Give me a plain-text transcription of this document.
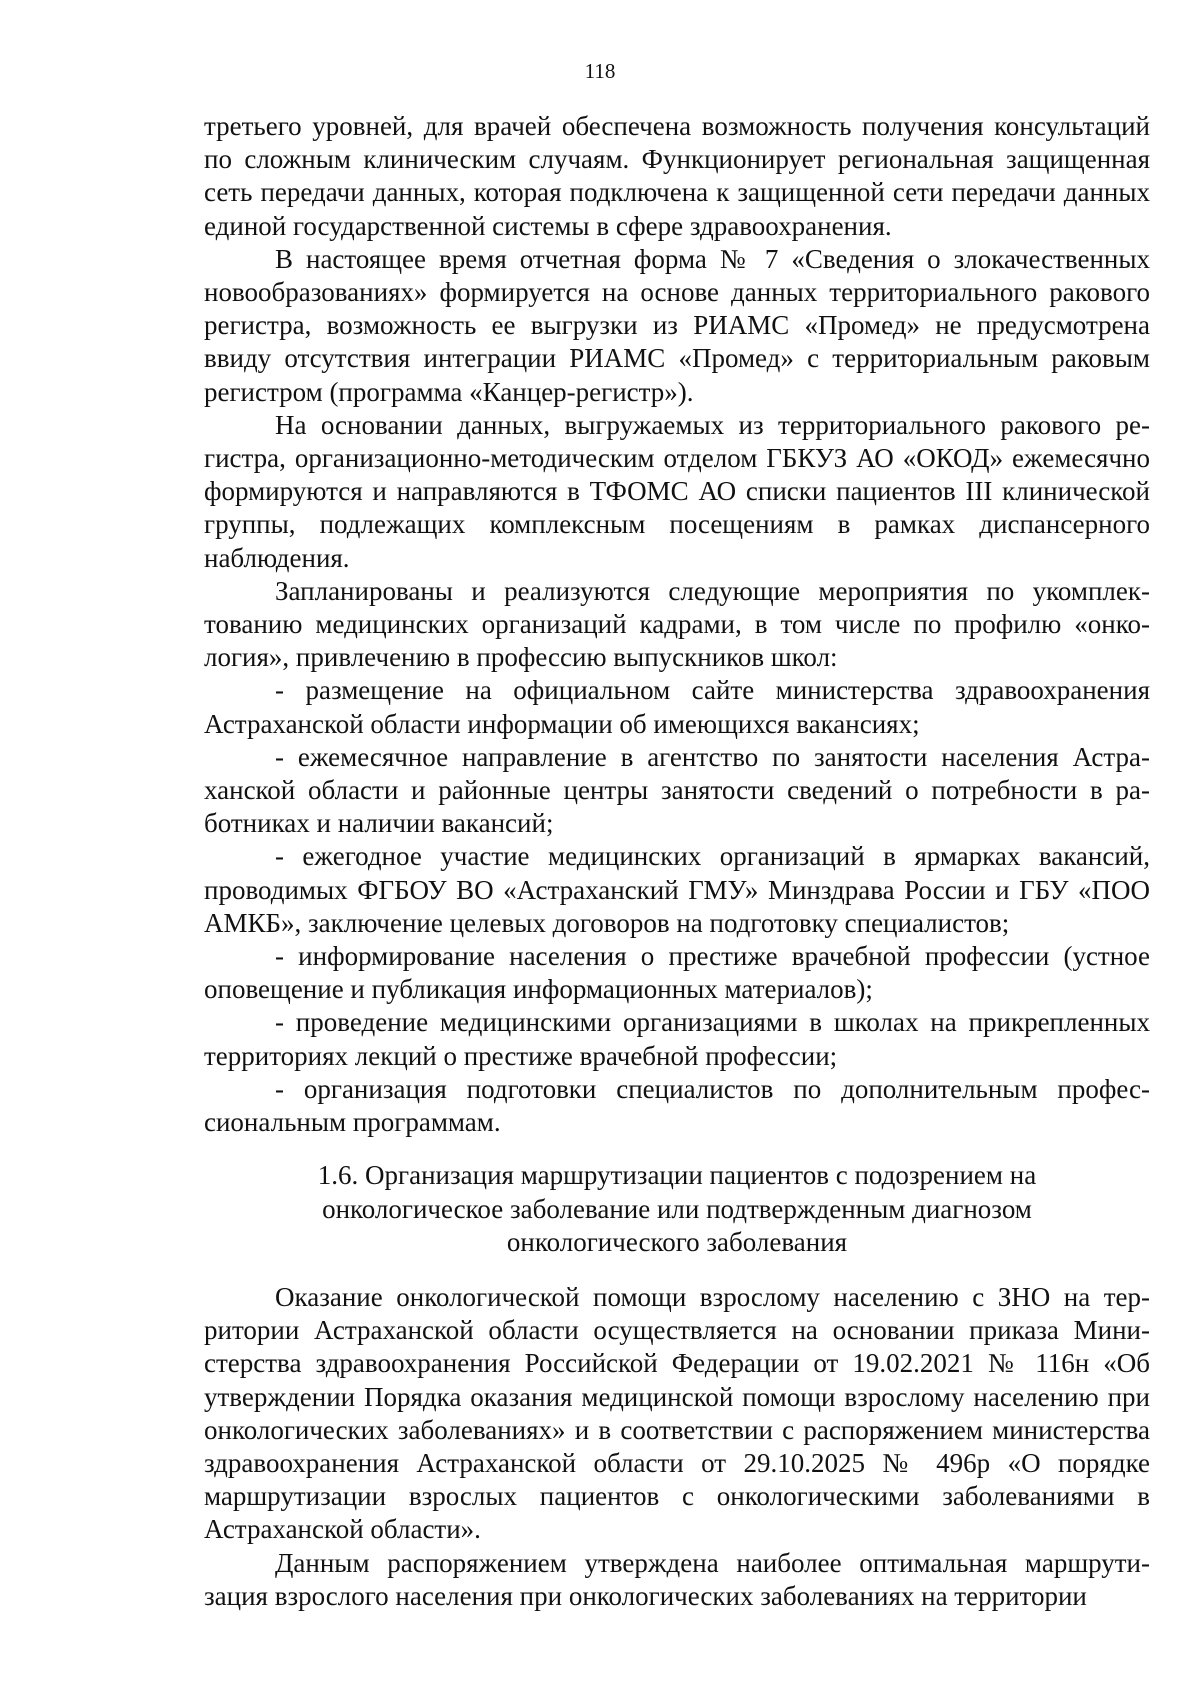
118

третьего уровней, для врачей обеспечена возможность получения консультаций по сложным клиническим случаям. Функционирует региональная защищенная сеть передачи данных, которая подключена к защищенной сети передачи данных единой государственной системы в сфере здравоохранения.

В настоящее время отчетная форма № 7 «Сведения о злокачественных новообразованиях» формируется на основе данных территориального ракового регистра, возможность ее выгрузки из РИАМС «Промед» не предусмотрена ввиду отсутствия интеграции РИАМС «Промед» с территориальным раковым регистром (программа «Канцер-регистр»).

На основании данных, выгружаемых из территориального ракового регистра, организационно-методическим отделом ГБКУЗ АО «ОКОД» ежемесячно формируются и направляются в ТФОМС АО списки пациентов III клинической группы, подлежащих комплексным посещениям в рамках диспансерного наблюдения.

Запланированы и реализуются следующие мероприятия по укомплектованию медицинских организаций кадрами, в том числе по профилю «онкология», привлечению в профессию выпускников школ:

- размещение на официальном сайте министерства здравоохранения Астраханской области информации об имеющихся вакансиях;

- ежемесячное направление в агентство по занятости населения Астраханской области и районные центры занятости сведений о потребности в работниках и наличии вакансий;

- ежегодное участие медицинских организаций в ярмарках вакансий, проводимых ФГБОУ ВО «Астраханский ГМУ» Минздрава России и ГБУ «ПОО АМКБ», заключение целевых договоров на подготовку специалистов;

- информирование населения о престиже врачебной профессии (устное оповещение и публикация информационных материалов);

- проведение медицинскими организациями в школах на прикрепленных территориях лекций о престиже врачебной профессии;

- организация подготовки специалистов по дополнительным профессиональным программам.

1.6. Организация маршрутизации пациентов с подозрением на
онкологическое заболевание или подтвержденным диагнозом
онкологического заболевания

Оказание онкологической помощи взрослому населению с ЗНО на территории Астраханской области осуществляется на основании приказа Министерства здравоохранения Российской Федерации от 19.02.2021 № 116н «Об утверждении Порядка оказания медицинской помощи взрослому населению при онкологических заболеваниях» и в соответствии с распоряжением министерства здравоохранения Астраханской области от 29.10.2025 № 496р «О порядке маршрутизации взрослых пациентов с онкологическими заболеваниями в Астраханской области».

Данным распоряжением утверждена наиболее оптимальная маршрутизация взрослого населения при онкологических заболеваниях на территории
